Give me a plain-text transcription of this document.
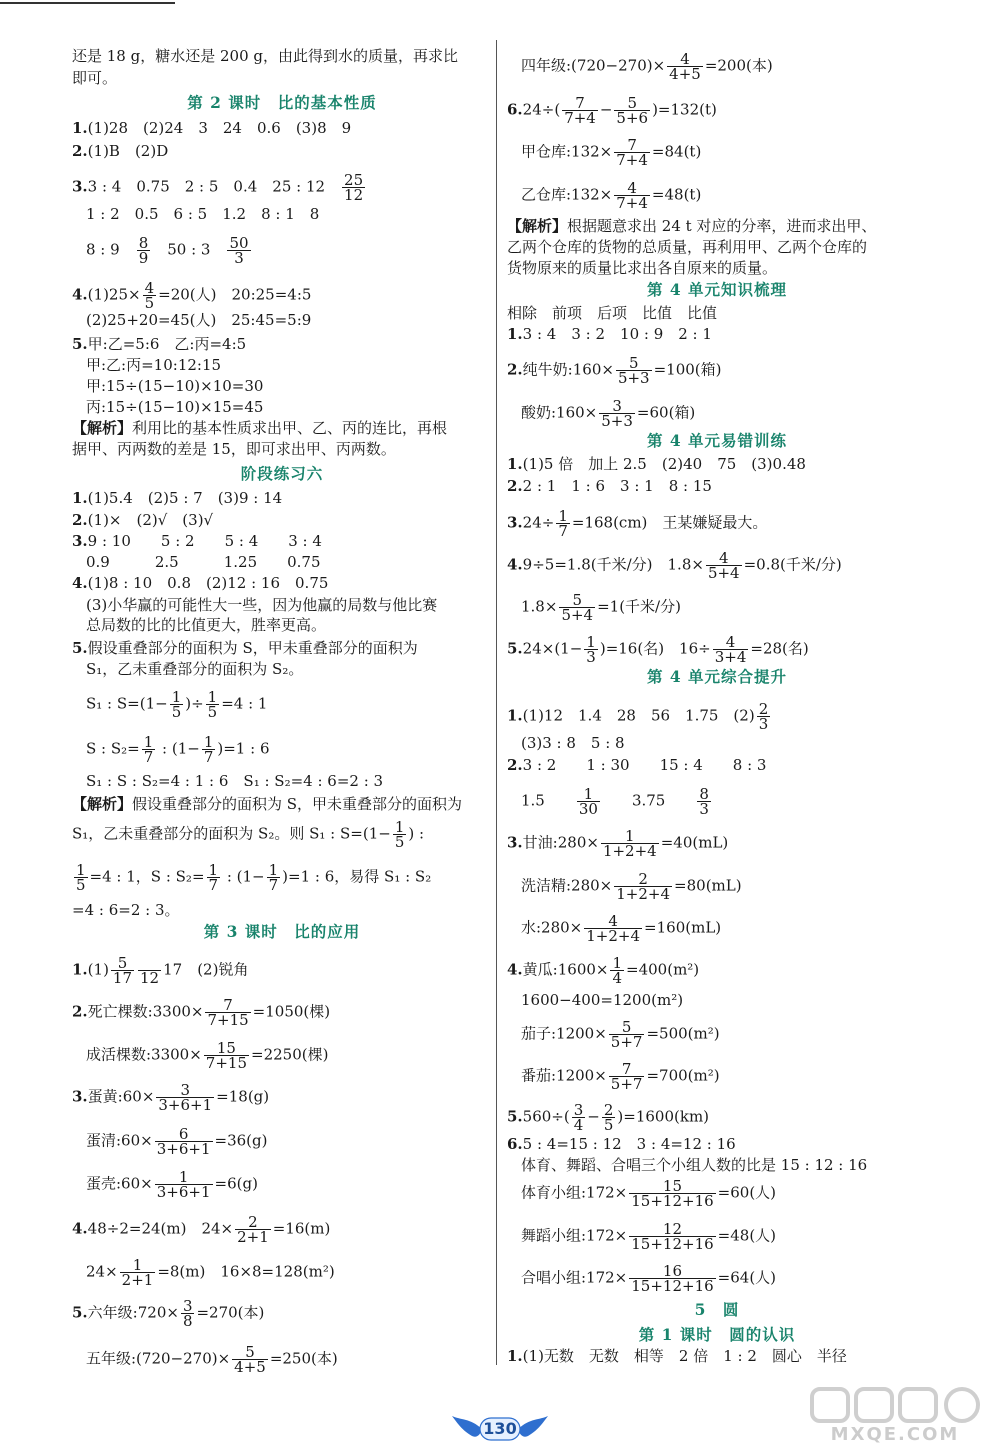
还是 18 g，糖水还是 200 g，由此得到水的质量，再求比
即可。
第 2 课时　比的基本性质
1.(1)28　(2)24　3　24　0.6　(3)8　9
2.(1)B　(2)D
3.3 : 4　0.75　2 : 5　0.4　25 : 12　 $\frac{25}{12}$
1 : 2　0.5　6 : 5　1.2　8 : 1　8
8 : 9　 $\frac{8}{9}$ 　50 : 3　 $\frac{50}{3}$
$4.(1)25\times \frac{4}{5} =20$(人)　20:25=4:5
(2)25+20=45(人)　25:45=5:9
5.甲:乙=5:6　乙:丙=4:5
甲:乙:丙=10:12:15
甲:15÷(15−10)×10=30
丙:15÷(15−10)×15=45
【解析】利用比的基本性质求出甲、乙、丙的连比，再根
据甲、丙两数的差是 15，即可求出甲、丙两数。
阶段练习六
1.(1)5.4　(2)5 : 7　(3)9 : 14
2.(1)×　(2)√　(3)√
3.9 : 10　　5 : 2　　5 : 4　　3 : 4
0.9　　　2.5　　　1.25　　0.75
4.(1)8 : 10　0.8　(2)12 : 16　0.75
(3)小华赢的可能性大一些，因为他赢的局数与他比赛
总局数的比的比值更大，胜率更高。
5.假设重叠部分的面积为 S，甲未重叠部分的面积为
S₁，乙未重叠部分的面积为 S₂。
S₁ : $S=(1- \frac{1}{5}$ )÷ $\frac{1}{5} =4$ : 1
S : $S_2= \frac{1}{7}$ : $(1- \frac{1}{7} )=1$ : 6
S₁ : S : S₂=4 : 1 : 6　S₁ : S₂=4 : 6=2 : 3
【解析】假设重叠部分的面积为 S，甲未重叠部分的面积为
S₁，乙未重叠部分的面积为 S₂。则 S₁ : $S=(1- \frac{1}{5}$ ) :
$\frac{1}{5} =4$ : 1，S : $S_2= \frac{1}{7}$ : $(1- \frac{1}{7} )=1$ : 6，易得 S₁ : S₂
=4 : 6=2 : 3。
第 3 课时　比的应用
$1.(1) \frac{5}{17}$
　 12 17　(2)锐角
2.死亡棵数:3300× $\frac{7}{7+15} =1050$(棵)
成活棵数:3300× $\frac{15}{7+15} =2250$(棵)
3.蛋黄:60× $\frac{3}{3+6+1} =18(g)$
蛋清:60× $\frac{6}{3+6+1} =36(g)$
蛋壳:60× $\frac{1}{3+6+1} =6(g)$
4.48÷2=24(m)　$24\times \frac{2}{2+1} =16(m)$
$24\times \frac{1}{2+1} =8(m)$　16×8=128(m²)
5.六年级:720× $\frac{3}{8} =270$(本)
五年级:(720−270)× $\frac{5}{4+5} =250$(本)
四年级:(720−270)× $\frac{4}{4+5} =200$(本)
$6.24\div( \frac{7}{7+4} - \frac{5}{5+6} )=132(t)$
甲仓库:132× $\frac{7}{7+4} =84(t)$
乙仓库:132× $\frac{4}{7+4} =48(t)$
【解析】根据题意求出 24 t 对应的分率，进而求出甲、
乙两个仓库的货物的总质量，再利用甲、乙两个仓库的
货物原来的质量比求出各自原来的质量。
第 4 单元知识梳理
相除　前项　后项　比值　比值
1.3 : 4　3 : 2　10 : 9　2 : 1
2.纯牛奶:160× $\frac{5}{5+3} =100$(箱)
酸奶:160× $\frac{3}{5+3} =60$(箱)
第 4 单元易错训练
1.(1)5 倍　加上 2.5　(2)40　75　(3)0.48
2.2 : 1　1 : 6　3 : 1　8 : 15
$3.24\div \frac{1}{7} =168(cm)$　王某嫌疑最大。
4.9÷5=1.8(千米/分)　$1.8\times \frac{4}{5+4} =0.8$(千米/分)
$1.8\times \frac{5}{5+4} =1$(千米/分)
$5.24\times(1- \frac{1}{3} )=16$(名)　$16\div \frac{4}{3+4} =28$(名)
第 4 单元综合提升
1.(1)12　1.4　28　56　1.75　$(2) \frac{2}{3}$
(3)3 : 8　5 : 8
2.3 : 2　　1 : 30　　15 : 4　　8 : 3
1.5　　 $\frac{1}{30}$ 　　3.75　　 $\frac{8}{3}$
3.甘油:280× $\frac{1}{1+2+4} =40(mL)$
洗洁精:280× $\frac{2}{1+2+4} =80(mL)$
水:280× $\frac{4}{1+2+4} =160(mL)$
4.黄瓜:1600× $\frac{1}{4} =400(m^2)$
1600−400=1200(m²)
茄子:1200× $\frac{5}{5+7} =500(m^2)$
番茄:1200× $\frac{7}{5+7} =700(m^2)$
$5.560\div( \frac{3}{4} - \frac{2}{5} )=1600(km)$
6.5 : 4=15 : 12　3 : 4=12 : 16
体育、舞蹈、合唱三个小组人数的比是 15 : 12 : 16
体育小组:172× $\frac{15}{15+12+16} =60$(人)
舞蹈小组:172× $\frac{12}{15+12+16} =48$(人)
合唱小组:172× $\frac{16}{15+12+16} =64$(人)
5　圆
第 1 课时　圆的认识
1.(1)无数　无数　相等　2 倍　1 : 2　圆心　半径
130	MXQE.COM
